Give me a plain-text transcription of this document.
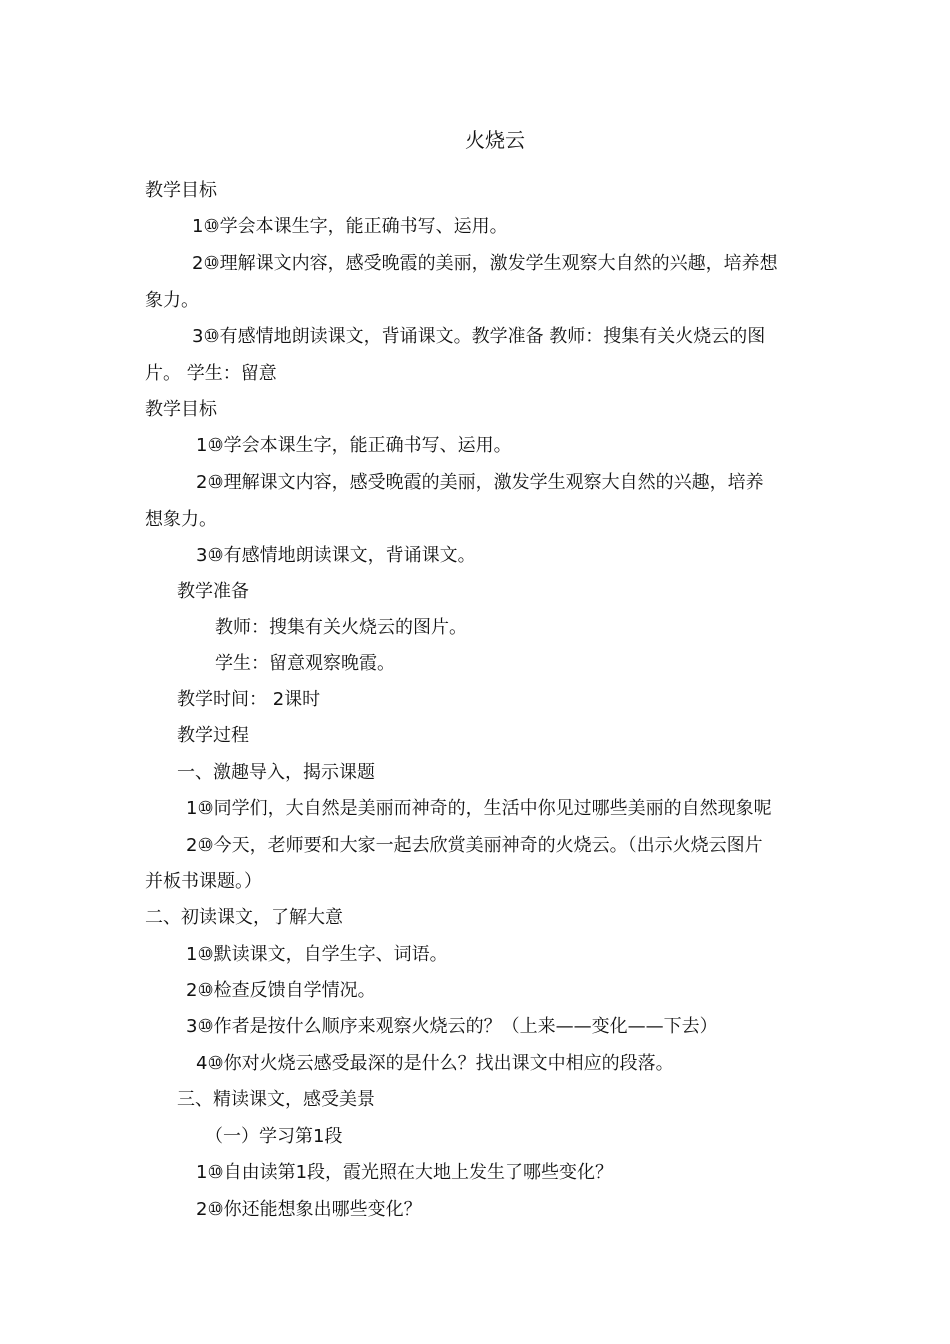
火烧云
教学目标
1⑩学会本课生字，能正确书写、运用。
2⑩理解课文内容，感受晚霞的美丽，激发学生观察大自然的兴趣，培养想
象力。
3⑩有感情地朗读课文，背诵课文。教学准备 教师：搜集有关火烧云的图
片。 学生：留意
教学目标
1⑩学会本课生字，能正确书写、运用。
2⑩理解课文内容，感受晚霞的美丽，激发学生观察大自然的兴趣，培养
想象力。
3⑩有感情地朗读课文，背诵课文。
教学准备
教师：搜集有关火烧云的图片。
学生：留意观察晚霞。
教学时间： 2课时
教学过程
一、激趣导入，揭示课题
1⑩同学们，大自然是美丽而神奇的，生活中你见过哪些美丽的自然现象呢
2⑩今天，老师要和大家一起去欣赏美丽神奇的火烧云。（出示火烧云图片
并板书课题。）
二、初读课文，了解大意
1⑩默读课文，自学生字、词语。
2⑩检查反馈自学情况。
3⑩作者是按什么顺序来观察火烧云的？（上来——变化——下去）
4⑩你对火烧云感受最深的是什么？找出课文中相应的段落。
三、精读课文，感受美景
（一）学习第1段
1⑩自由读第1段，霞光照在大地上发生了哪些变化？
2⑩你还能想象出哪些变化？
